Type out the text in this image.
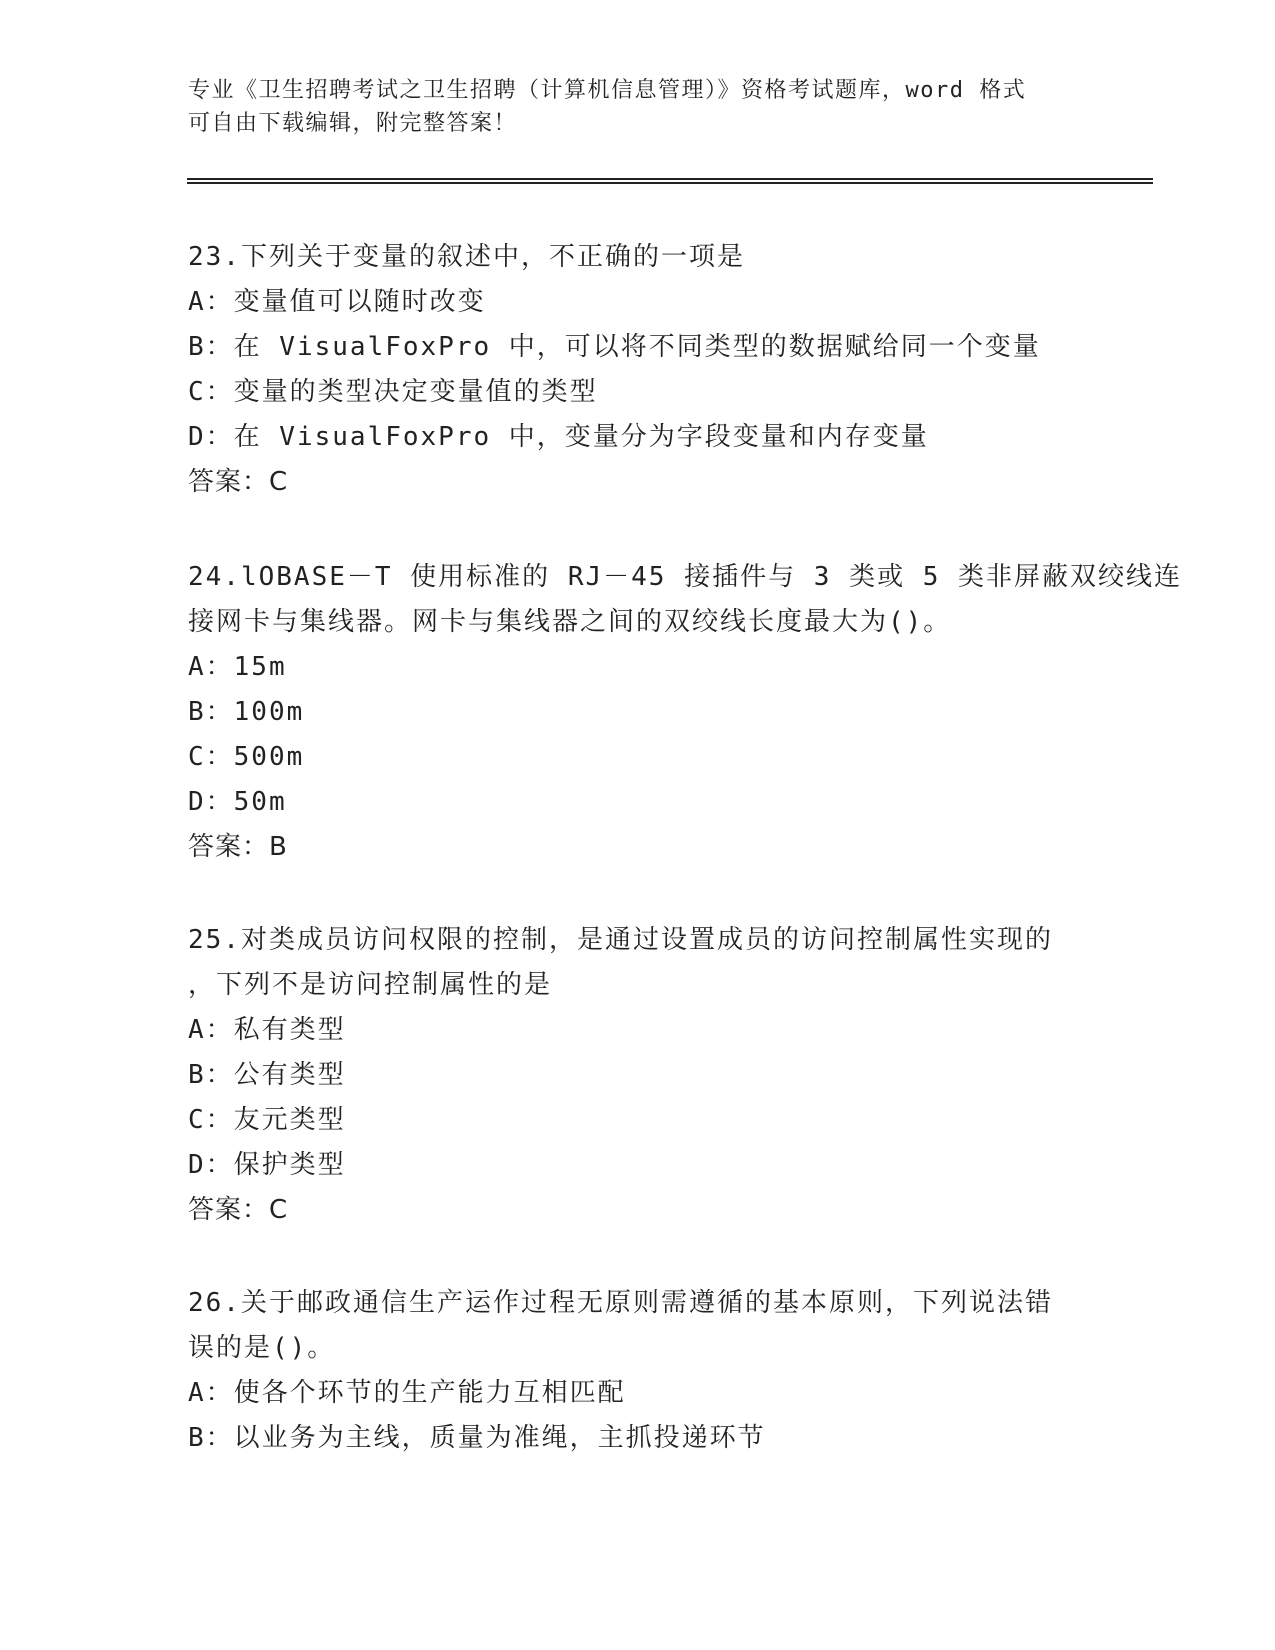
专业《卫生招聘考试之卫生招聘（计算机信息管理）》资格考试题库，word 格式
可自由下载编辑，附完整答案！
23.下列关于变量的叙述中，不正确的一项是
A：变量值可以随时改变
B：在 VisualFoxPro 中，可以将不同类型的数据赋给同一个变量
C：变量的类型决定变量值的类型
D：在 VisualFoxPro 中，变量分为字段变量和内存变量
答案：C
24.lOBASE－T 使用标准的 RJ－45 接插件与 3 类或 5 类非屏蔽双绞线连
接网卡与集线器。网卡与集线器之间的双绞线长度最大为()。
A：15m
B：100m
C：500m
D：50m
答案：B
25.对类成员访问权限的控制，是通过设置成员的访问控制属性实现的
，下列不是访问控制属性的是
A：私有类型
B：公有类型
C：友元类型
D：保护类型
答案：C
26.关于邮政通信生产运作过程无原则需遵循的基本原则，下列说法错
误的是()。
A：使各个环节的生产能力互相匹配
B：以业务为主线，质量为准绳，主抓投递环节
